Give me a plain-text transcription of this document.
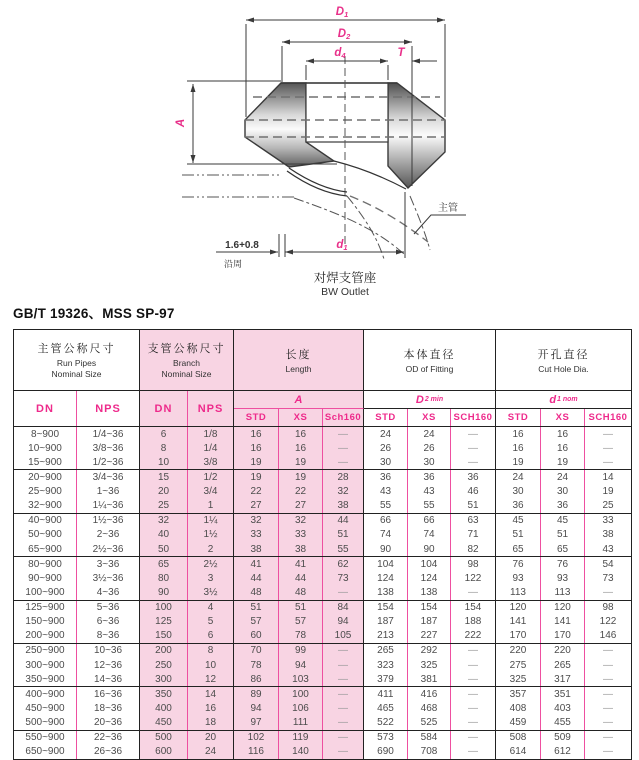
D1
D2
d4	T
A
d1
1.6+0.8
沿周
主管
对焊支管座
BW Outlet
GB/T 19326、MSS SP-97
主管公称尺寸
Run Pipes
Nominal Size
支管公称尺寸
Branch
Nominal Size
长度
Length
本体直径
OD of Fitting
开孔直径
Cut Hole Dia.
DN	NPS	DN	NPS
A	D 2 min	d 1 nom
STD	XS	Sch160	STD	XS	SCH160	STD	XS	SCH160
8~900	1/4~36	6	1/8	16	16	—	24	24	—	16	16	—
10~900	3/8~36	8	1/4	16	16	—	26	26	—	16	16	—
15~900	1/2~36	10	3/8	19	19	—	30	30	—	19	19	—
20~900	3/4~36	15	1/2	19	19	28	36	36	36	24	24	14
25~900	1~36	20	3/4	22	22	32	43	43	46	30	30	19
32~900	1¼~36	25	1	27	27	38	55	55	51	36	36	25
40~900	1½~36	32	1¼	32	32	44	66	66	63	45	45	33
50~900	2~36	40	1½	33	33	51	74	74	71	51	51	38
65~900	2½~36	50	2	38	38	55	90	90	82	65	65	43
80~900	3~36	65	2½	41	41	62	104	104	98	76	76	54
90~900	3½~36	80	3	44	44	73	124	124	122	93	93	73
100~900	4~36	90	3½	48	48	—	138	138	—	113	113	—
125~900	5~36	100	4	51	51	84	154	154	154	120	120	98
150~900	6~36	125	5	57	57	94	187	187	188	141	141	122
200~900	8~36	150	6	60	78	105	213	227	222	170	170	146
250~900	10~36	200	8	70	99	—	265	292	—	220	220	—
300~900	12~36	250	10	78	94	—	323	325	—	275	265	—
350~900	14~36	300	12	86	103	—	379	381	—	325	317	—
400~900	16~36	350	14	89	100	—	411	416	—	357	351	—
450~900	18~36	400	16	94	106	—	465	468	—	408	403	—
500~900	20~36	450	18	97	111	—	522	525	—	459	455	—
550~900	22~36	500	20	102	119	—	573	584	—	508	509	—
650~900	26~36	600	24	116	140	—	690	708	—	614	612	—
